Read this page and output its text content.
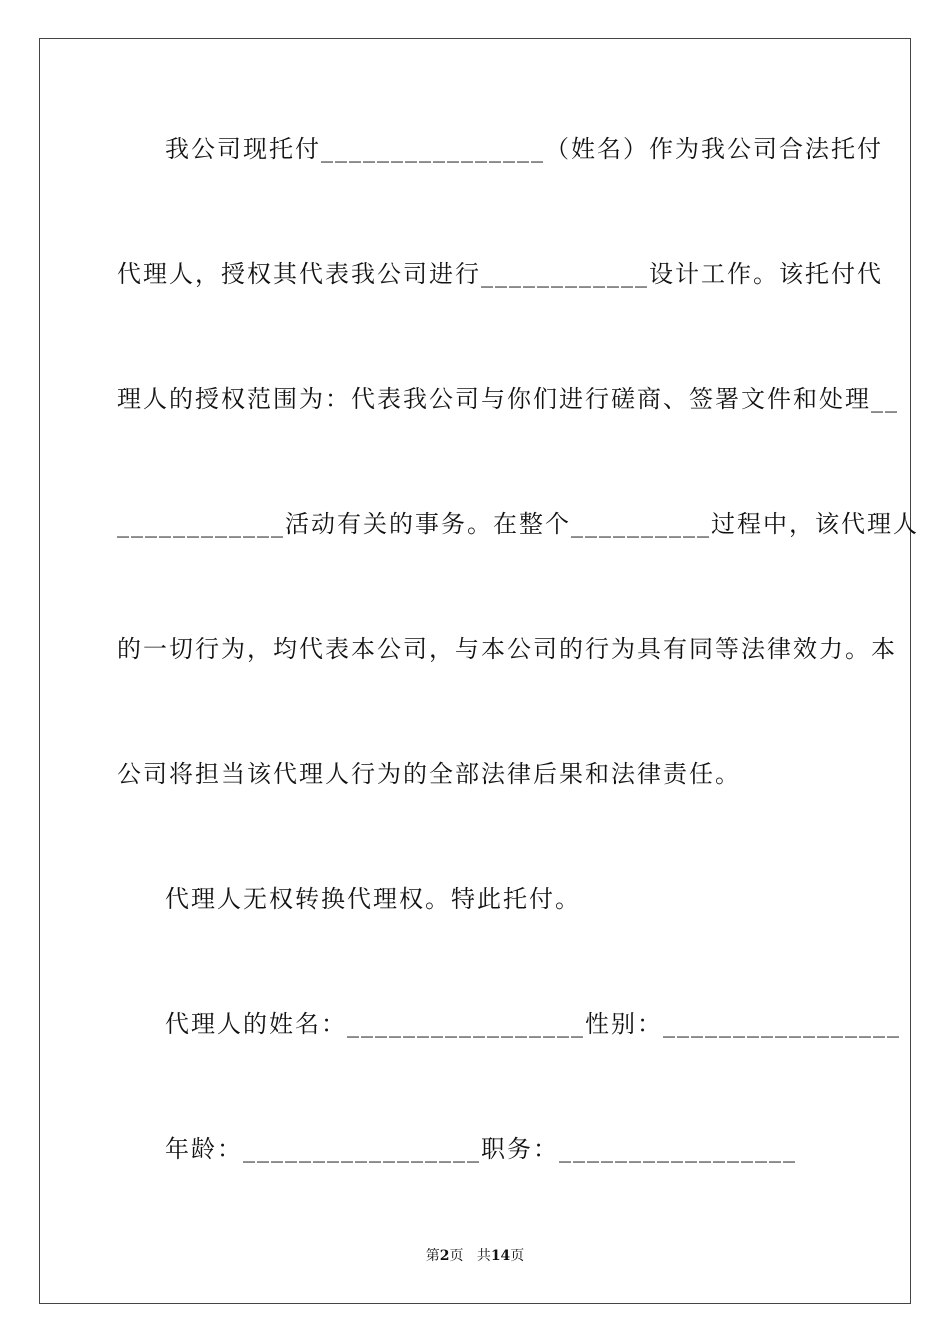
我公司现托付________________（姓名）作为我公司合法托付
代理人，授权其代表我公司进行____________设计工作。该托付代
理人的授权范围为：代表我公司与你们进行磋商、签署文件和处理__
____________活动有关的事务。在整个__________过程中，该代理人
的一切行为，均代表本公司，与本公司的行为具有同等法律效力。本
公司将担当该代理人行为的全部法律后果和法律责任。
代理人无权转换代理权。特此托付。
代理人的姓名：_________________性别：_________________
年龄：_________________职务：_________________
第2页 共14页
